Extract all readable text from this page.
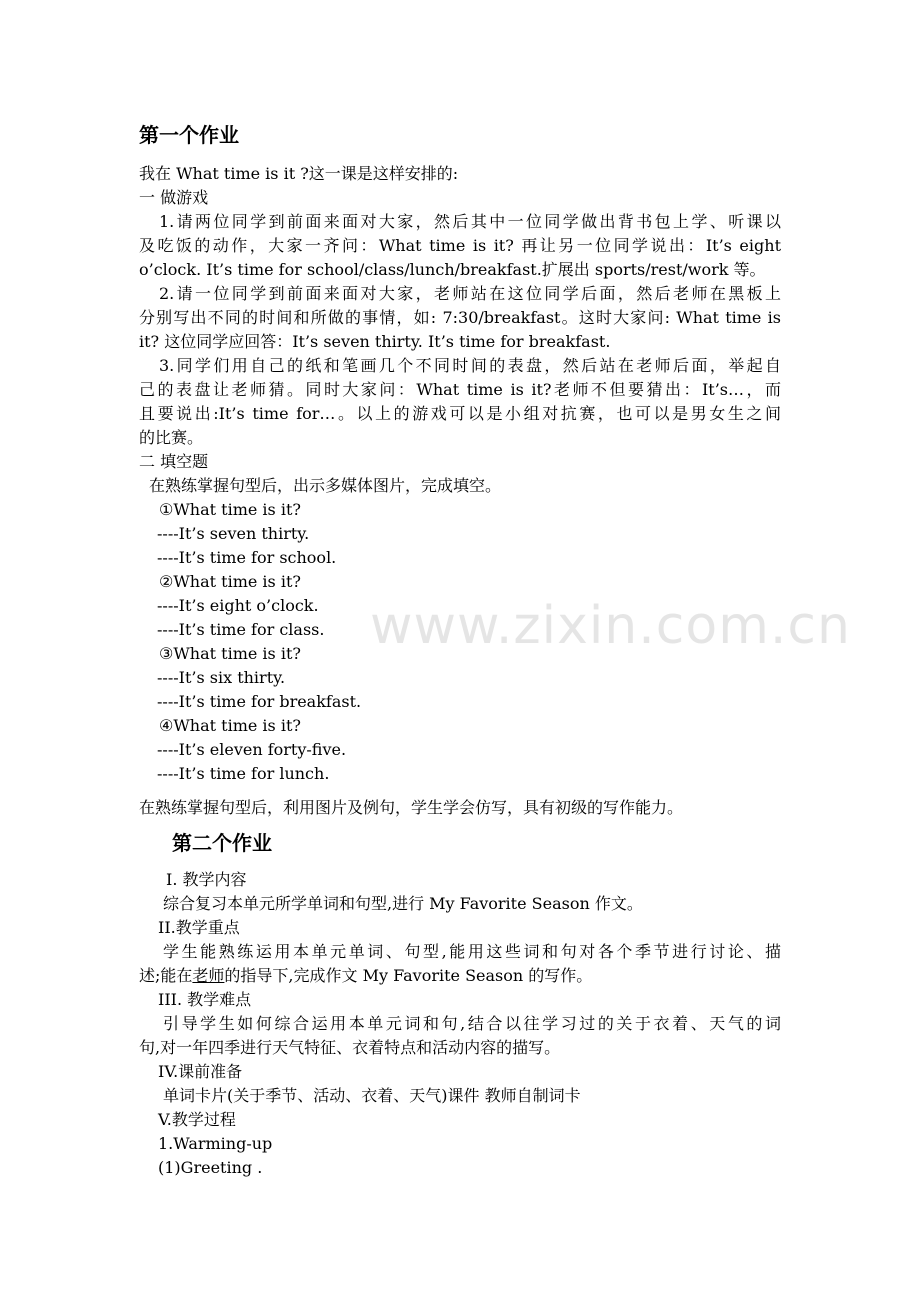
第一个作业
我在 What time is it ?这一课是这样安排的:
一 做游戏
1.请两位同学到前面来面对大家，然后其中一位同学做出背书包上学、听课以
及吃饭的动作，大家一齐问：What time is it? 再让另一位同学说出：It’s eight
o’clock. It’s time for school/class/lunch/breakfast.扩展出 sports/rest/work 等。
2.请一位同学到前面来面对大家，老师站在这位同学后面，然后老师在黑板上
分别写出不同的时间和所做的事情，如: 7:30/breakfast。这时大家问: What time is
it? 这位同学应回答：It’s seven thirty. It’s time for breakfast.
3.同学们用自己的纸和笔画几个不同时间的表盘，然后站在老师后面，举起自
己的表盘让老师猜。同时大家问：What time is it?老师不但要猜出：It’s…，而
且要说出:It’s time for…。以上的游戏可以是小组对抗赛，也可以是男女生之间
的比赛。
二 填空题
在熟练掌握句型后，出示多媒体图片，完成填空。
①What time is it?
----It’s seven thirty.
----It’s time for school.
②What time is it?
----It’s eight o’clock.
----It’s time for class.
③What time is it?
----It’s six thirty.
----It’s time for breakfast.
④What time is it?
----It’s eleven forty-five.
----It’s time for lunch.
在熟练掌握句型后，利用图片及例句，学生学会仿写，具有初级的写作能力。
第二个作业
I. 教学内容
综合复习本单元所学单词和句型,进行 My Favorite Season 作文。
II.教学重点
学生能熟练运用本单元单词、句型,能用这些词和句对各个季节进行讨论、描
述;能在老师的指导下,完成作文 My Favorite Season 的写作。
III. 教学难点
引导学生如何综合运用本单元词和句,结合以往学习过的关于衣着、天气的词
句,对一年四季进行天气特征、衣着特点和活动内容的描写。
IV.课前准备
单词卡片(关于季节、活动、衣着、天气)课件 教师自制词卡
V.教学过程
1.Warming-up
(1)Greeting .
www.zixin.com.cn
